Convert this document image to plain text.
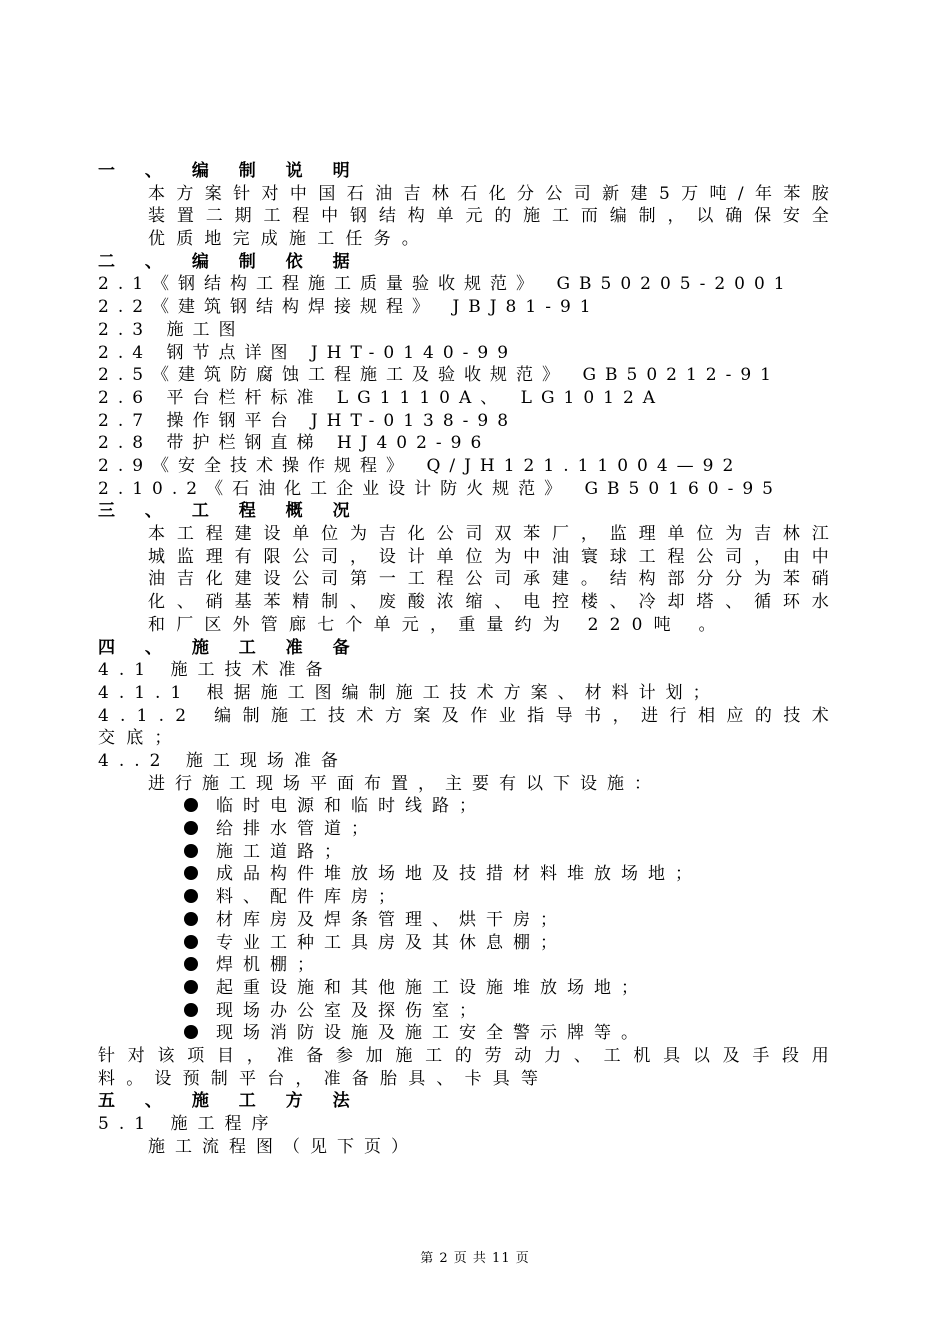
一 、 编 制 说 明
本方案针对中国石油吉林石化分公司新建5万吨/年苯胺装置二期工程中钢结构单元的施工而编制，以确保安全优质地完成施工任务。
二 、 编 制 依 据
2.1《钢结构工程施工质量验收规范》 GB50205-2001
2.2《建筑钢结构焊接规程》 JBJ81-91
2.3 施工图
2.4 钢节点详图 JHT-0140-99
2.5《建筑防腐蚀工程施工及验收规范》 GB50212-91
2.6 平台栏杆标准 LG1110A、 LG1012A
2.7 操作钢平台 JHT-0138-98
2.8 带护栏钢直梯 HJ402-96
2.9《安全技术操作规程》 Q/JH121.11004—92
2.10.2《石油化工企业设计防火规范》 GB50160-95
三 、 工 程 概 况
本工程建设单位为吉化公司双苯厂，监理单位为吉林江城监理有限公司，设计单位为中油寰球工程公司，由中油吉化建设公司第一工程公司承建。结构部分分为苯硝化、硝基苯精制、废酸浓缩、电控楼、冷却塔、循环水和厂区外管廊七个单元，重量约为 220吨 。
四 、 施 工 准 备
4.1 施工技术准备
4.1.1 根据施工图编制施工技术方案、材料计划；
4.1.2 编制施工技术方案及作业指导书，进行相应的技术交底；
4..2 施工现场准备
进行施工现场平面布置，主要有以下设施：
临时电源和临时线路；
给排水管道；
施工道路；
成品构件堆放场地及技措材料堆放场地；
料、配件库房；
材库房及焊条管理、烘干房；
专业工种工具房及其休息棚；
焊机棚；
起重设施和其他施工设施堆放场地；
现场办公室及探伤室；
现场消防设施及施工安全警示牌等。
针对该项目，准备参加施工的劳动力、工机具以及手段用料。设预制平台，准备胎具、卡具等
五 、 施 工 方 法
5.1 施工程序
施工流程图（见下页）
第 2 页 共 11 页
